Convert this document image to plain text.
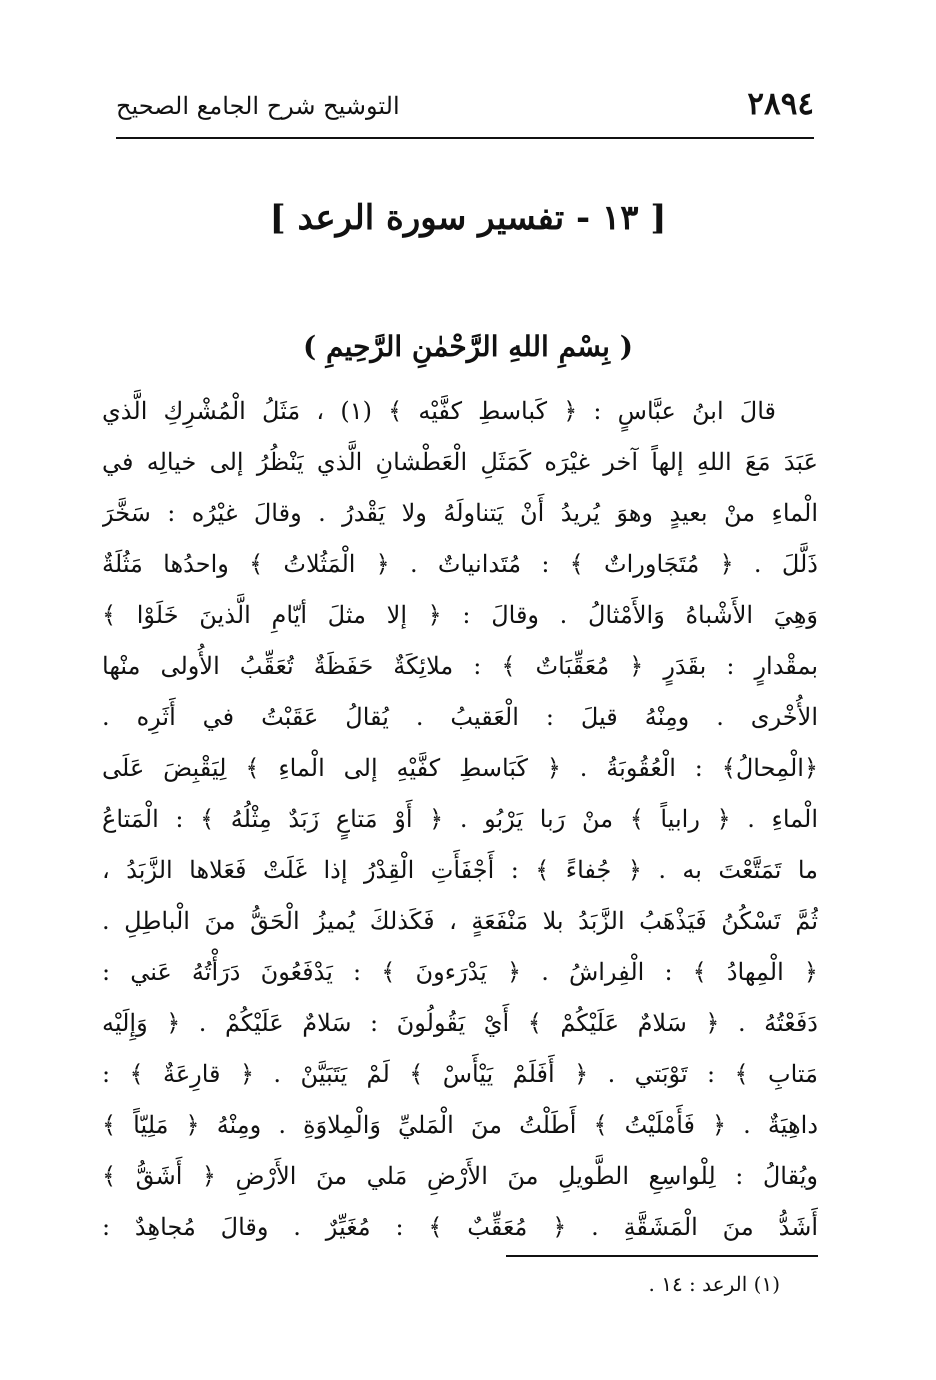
٢٨٩٤
التوشيح شرح الجامع الصحيح
[ ١٣ - تفسير سورة الرعد ]
( بِسْمِ اللهِ الرَّحْمٰنِ الرَّحِيمِ )
قالَ ابنُ عبَّاسٍ : ﴿ كَباسطِ كفَّيْه ﴾ (١) ، مَثَلُ الْمُشْرِكِ الَّذي
عَبَدَ مَعَ اللهِ إلهاً آخر غيْرَه كَمَثَلِ الْعَطْشانِ الَّذي يَنْظُرُ إلى خيالِه في
الْماءِ منْ بعيدٍ وهوَ يُريدُ أَنْ يَتناولَهُ ولا يَقْدرُ . وقالَ غيْرُه : سَخَّرَ
ذَلَّلَ . ﴿ مُتَجَاوراتٌ ﴾ : مُتَدانياتٌ . ﴿ الْمَثُلاتُ ﴾ واحدُها مَثُلَةٌ
وَهِيَ الأَشْباهُ وَالأَمْثالُ . وقالَ : ﴿ إلا مثلَ أيّامِ الَّذينَ خَلَوْا ﴾
بمقْدارٍ : بقَدَرٍ ﴿ مُعَقِّبَاتٌ ﴾ : ملائِكَةٌ حَفَظَةٌ تُعَقِّبُ الأُولى منْها
الأُخْرى . ومِنْهُ قيلَ : الْعَقيبُ . يُقالُ عَقَبْتُ في أَثَرِه .
﴿الْمِحالُ﴾ : الْعُقُوبَةُ . ﴿ كَبَاسطِ كفَّيْهِ إلى الْماءِ ﴾ لِيَقْبِضَ عَلَى
الْماءِ . ﴿ رابياً ﴾ منْ رَبا يَرْبُو . ﴿ أَوْ مَتاعٍ زَبَدٌ مِثْلُهُ ﴾ : الْمَتاعُ
ما تَمَتَّعْتَ به . ﴿ جُفاءً ﴾ : أَجْفَأَتِ الْقِدْرُ إذا غَلَتْ فَعَلاها الزَّبَدُ ،
ثُمَّ تَسْكُنُ فَيَذْهَبُ الزَّبَدُ بلا مَنْفَعَةٍ ، فَكَذلكَ يُميزُ الْحَقُّ منَ الْباطِلِ .
﴿ الْمِهادُ ﴾ : الْفِراشُ . ﴿ يَدْرَءونَ ﴾ : يَدْفَعُونَ دَرَأْتُهُ عَني :
دَفَعْتُهُ . ﴿ سَلامٌ عَلَيْكُمْ ﴾ أَيْ يَقُولُونَ : سَلامٌ عَلَيْكُمْ . ﴿ وَإِلَيْه
مَتابِ ﴾ : تَوْبَتي . ﴿ أَفَلَمْ يَيْأَسْ ﴾ لَمْ يَتَبَيَّنْ . ﴿ قارِعَةٌ ﴾ :
داهِيَةٌ . ﴿ فَأَمْلَيْتُ ﴾ أَطَلْتُ منَ الْمَليِّ وَالْمِلاوَةِ . ومِنْهُ ﴿ مَلِيّاً ﴾
ويُقالُ : لِلْواسِعِ الطَّويلِ منَ الأَرْضِ مَلي منَ الأَرْضِ ﴿ أَشَقُّ ﴾
أَشَدُّ منَ الْمَشَقَّةِ . ﴿ مُعَقِّبٌ ﴾ : مُغَيِّرٌ . وقالَ مُجاهِدٌ :
(١) الرعد : ١٤ .
